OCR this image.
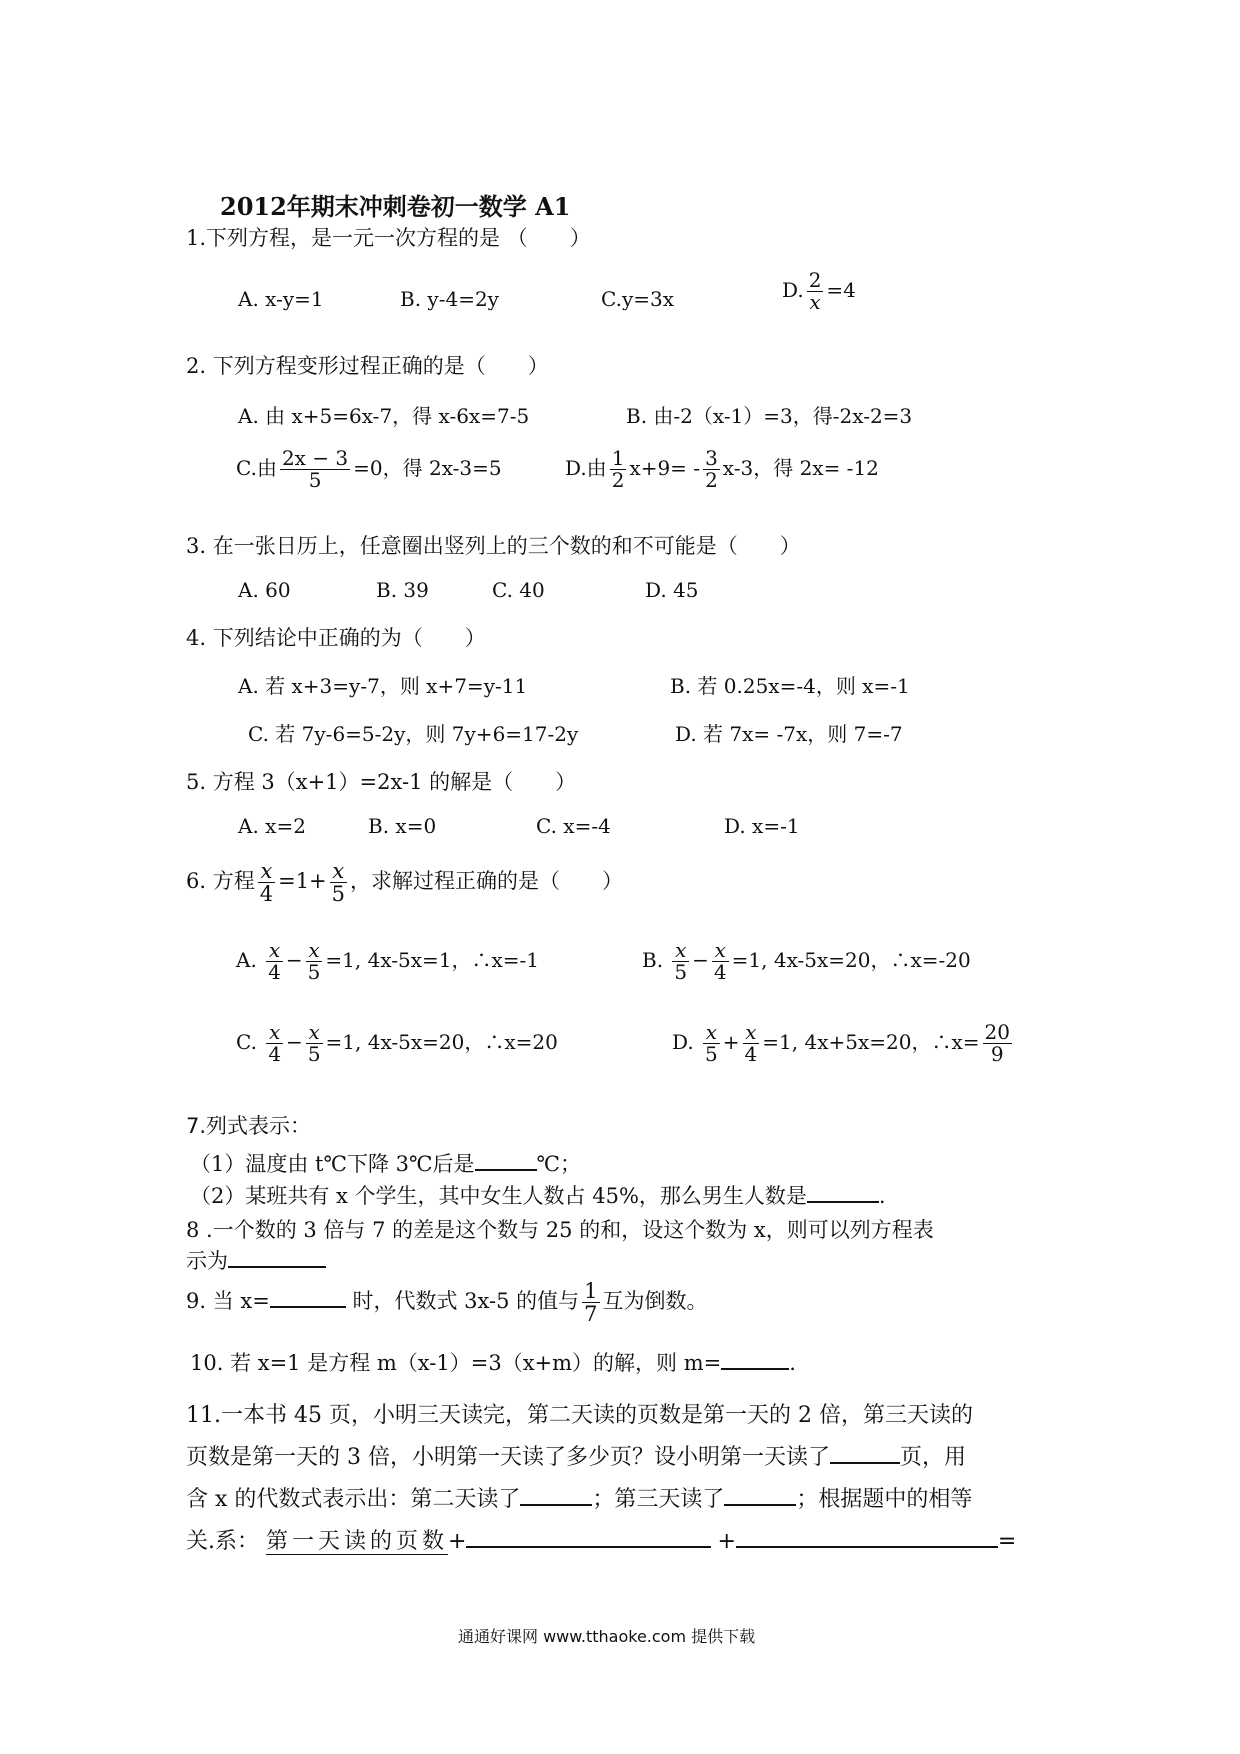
2012年期末冲刺卷初一数学 A1
1.下列方程，是一元一次方程的是 （　　）
A. x-y=1	B. y-4=2y	C.y=3x	D. $\frac{2}{x} =4$
2. 下列方程变形过程正确的是（　　）
A. 由 x+5=6x-7，得 x-6x=7-5	B. 由-2（x-1）=3，得-2x-2=3
C.由 $\frac{2x - 3}{5} =0$，得 2x-3=5	D.由 $\frac{1}{2} x+9= - \frac{3}{2} x-3$，得 2x= -12
3. 在一张日历上，任意圈出竖列上的三个数的和不可能是（　　）
A. 60	B. 39	C. 40	D. 45
4. 下列结论中正确的为（　　）
A. 若 x+3=y-7，则 x+7=y-11	B. 若 0.25x=-4，则 x=-1
C. 若 7y-6=5-2y，则 7y+6=17-2y	D. 若 7x= -7x，则 7=-7
5. 方程 3（x+1）=2x-1 的解是（　　）
A. x=2	B. x=0	C. x=-4	D. x=-1
6. 方程 $\frac{x}{4} =1+ \frac{x}{5}$ ，求解过程正确的是（　　）
A. $\frac{x}{4} - \frac{x}{5} =1$, 4x-5x=1，∴x=-1	B. $\frac{x}{5} - \frac{x}{4} =1$, 4x-5x=20，∴x=-20
C. $\frac{x}{4} - \frac{x}{5} =1$, 4x-5x=20，∴x=20	D. $\frac{x}{5} + \frac{x}{4} =1$, 4x+5x=20，∴x= $\frac{20}{9}$
7.列式表示：
（1）温度由 t℃下降 3℃后是	℃；
（2）某班共有 x 个学生，其中女生人数占 45%，那么男生人数是	.
8 .一个数的 3 倍与 7 的差是这个数与 25 的和，设这个数为 x，则可以列方程表
示为
9. 当 x=	时，代数式 3x-5 的值与 $\frac{1}{7}$ 互为倒数。
10. 若 x=1 是方程 m（x-1）=3（x+m）的解，则 m=	.
11.一本书 45 页，小明三天读完，第二天读的页数是第一天的 2 倍，第三天读的
页数是第一天的 3 倍，小明第一天读了多少页？设小明第一天读了	页，用
含 x 的代数式表示出：第二天读了	；第三天读了	；根据题中的相等
关.系： 第一天读的页数+	+	=
通通好课网 www.tthaoke.com 提供下载
